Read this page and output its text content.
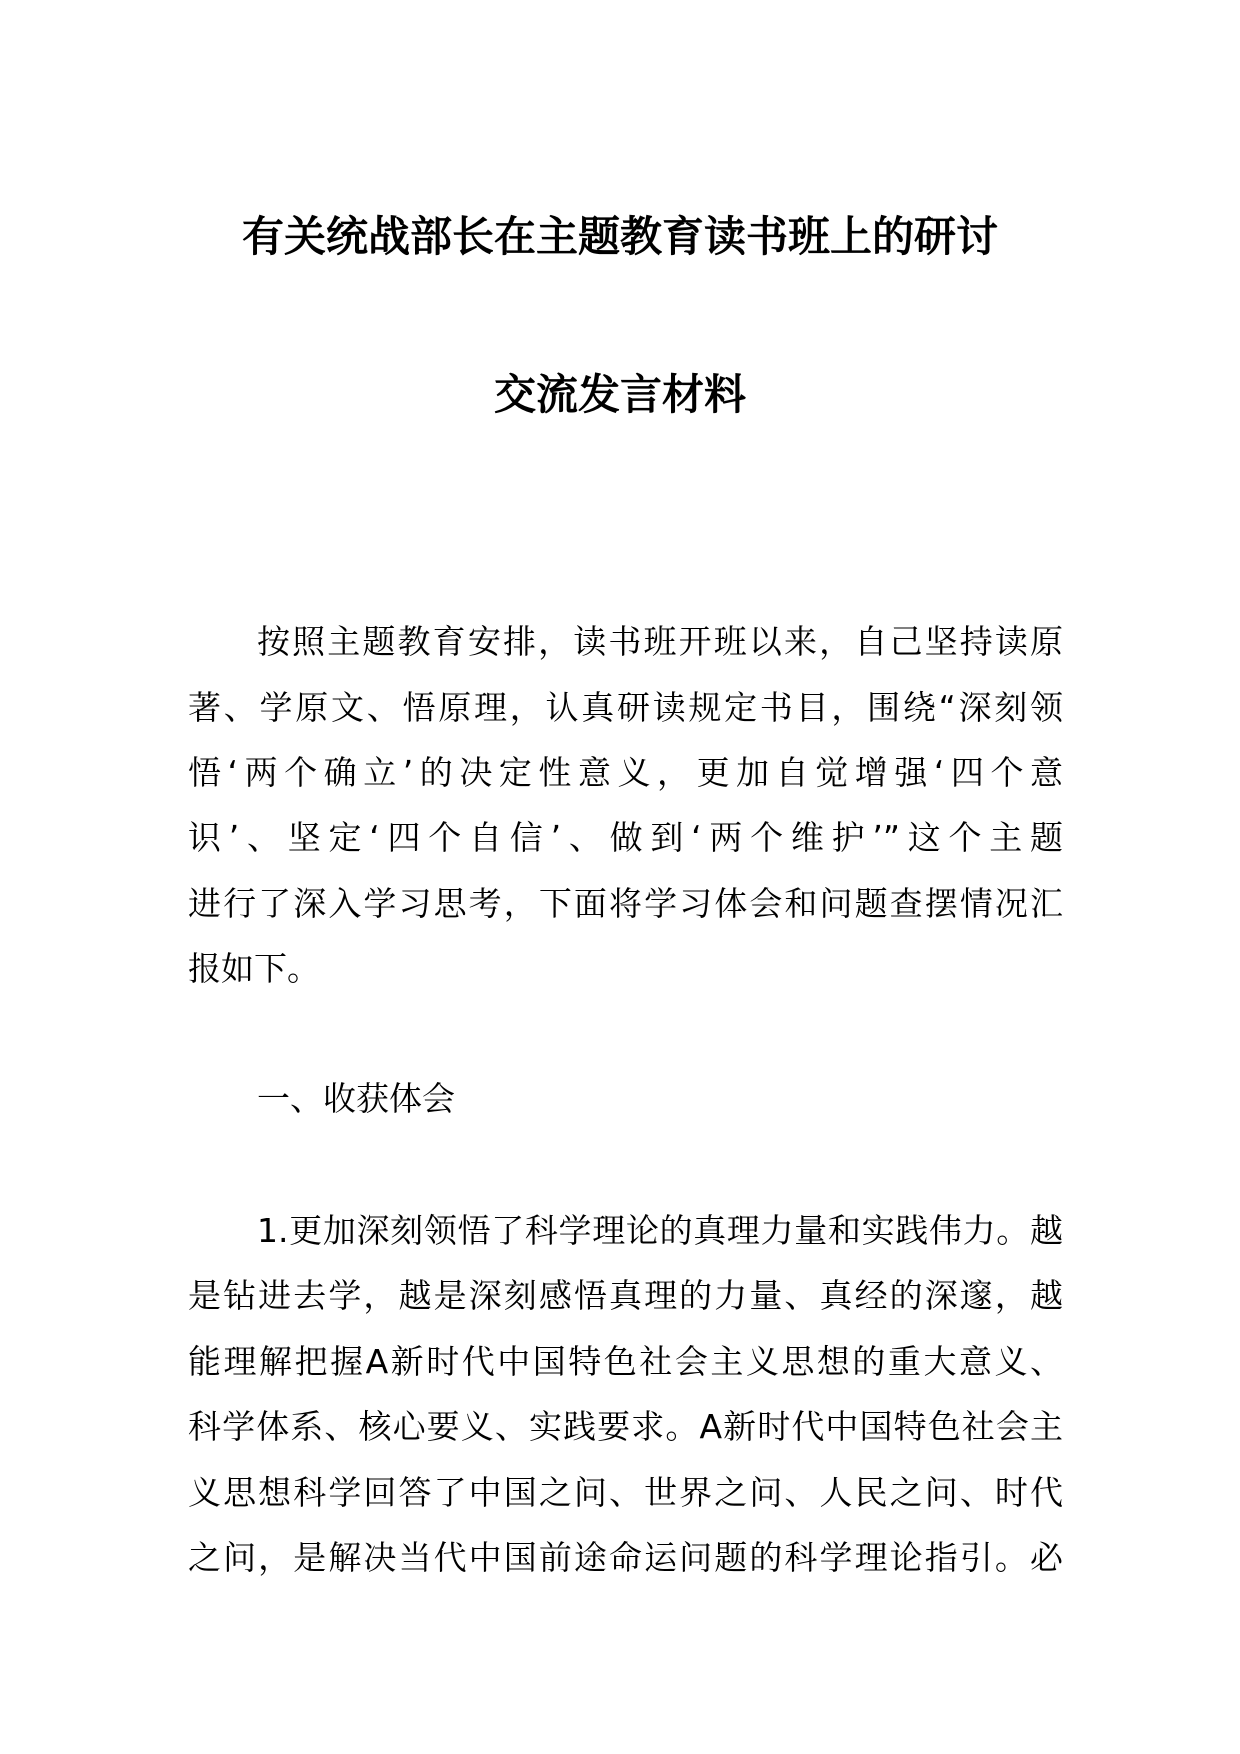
有关统战部长在主题教育读书班上的研讨
交流发言材料
按照主题教育安排，读书班开班以来，自己坚持读原
著、学原文、悟原理，认真研读规定书目，围绕“深刻领
悟‘两个确立’的决定性意义，更加自觉增强‘四个意
识’、坚定‘四个自信’、做到‘两个维护’”这个主题
进行了深入学习思考，下面将学习体会和问题查摆情况汇
报如下。
一、收获体会
1.更加深刻领悟了科学理论的真理力量和实践伟力。越
是钻进去学，越是深刻感悟真理的力量、真经的深邃，越
能理解把握A新时代中国特色社会主义思想的重大意义、
科学体系、核心要义、实践要求。A新时代中国特色社会主
义思想科学回答了中国之问、世界之问、人民之问、时代
之问，是解决当代中国前途命运问题的科学理论指引。必
